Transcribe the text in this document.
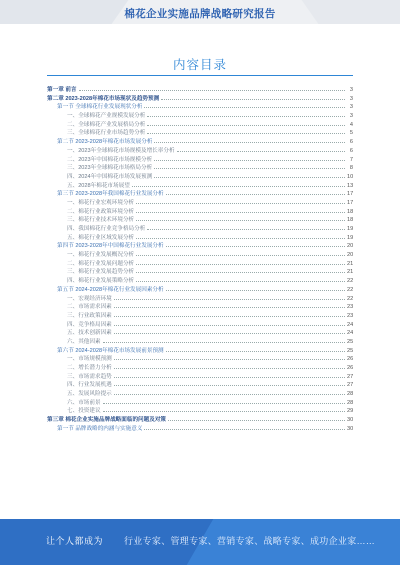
棉花企业实施品牌战略研究报告
内容目录
第一章 前言	3
第二章 2023-2028年棉花市场现状及趋势预测	3
第一节 全球棉花行业发展现状分析	3
一、全球棉花产业规模发展分析	3
二、全球棉花产业发展格局分析	4
三、全球棉花行业市场趋势分析	5
第二节 2023-2028年棉花市场发展分析	6
一、2023年全球棉花市场规模及增长率分析	6
二、2023年中国棉花市场规模分析	7
三、2023年全球棉花市场格局分析	8
四、2024年中国棉花市场发展预测	10
五、2028年棉花市场展望	13
第三节 2023-2028年我国棉花行业发展分析	17
一、棉花行业宏观环境分析	17
二、棉花行业政策环境分析	18
三、棉花行业技术环境分析	18
四、我国棉花行业竞争格局分析	19
五、棉花行业区域发展分析	19
第四节 2023-2028年中国棉花行业发展分析	20
一、棉花行业发展概况分析	20
二、棉花行业发展问题分析	21
三、棉花行业发展趋势分析	21
四、棉花行业发展策略分析	22
第五节 2024-2028年棉花行业发展因素分析	22
一、宏观经济环境	22
二、市场需求因素	23
三、行业政策因素	23
四、竞争格局因素	24
五、技术创新因素	24
六、其他因素	25
第六节 2024-2028年棉花市场发展前景预测	25
一、市场规模预测	26
二、增长潜力分析	26
三、市场需求趋势	27
四、行业发展机遇	27
五、发展风险提示	28
六、市场前景	28
七、投资建议	29
第三章 棉花企业实施品牌战略面临的问题及对策	30
第一节 品牌战略的内涵与实施意义	30
让个人都成为 行业专家、管理专家、营销专家、战略专家、成功企业家……
